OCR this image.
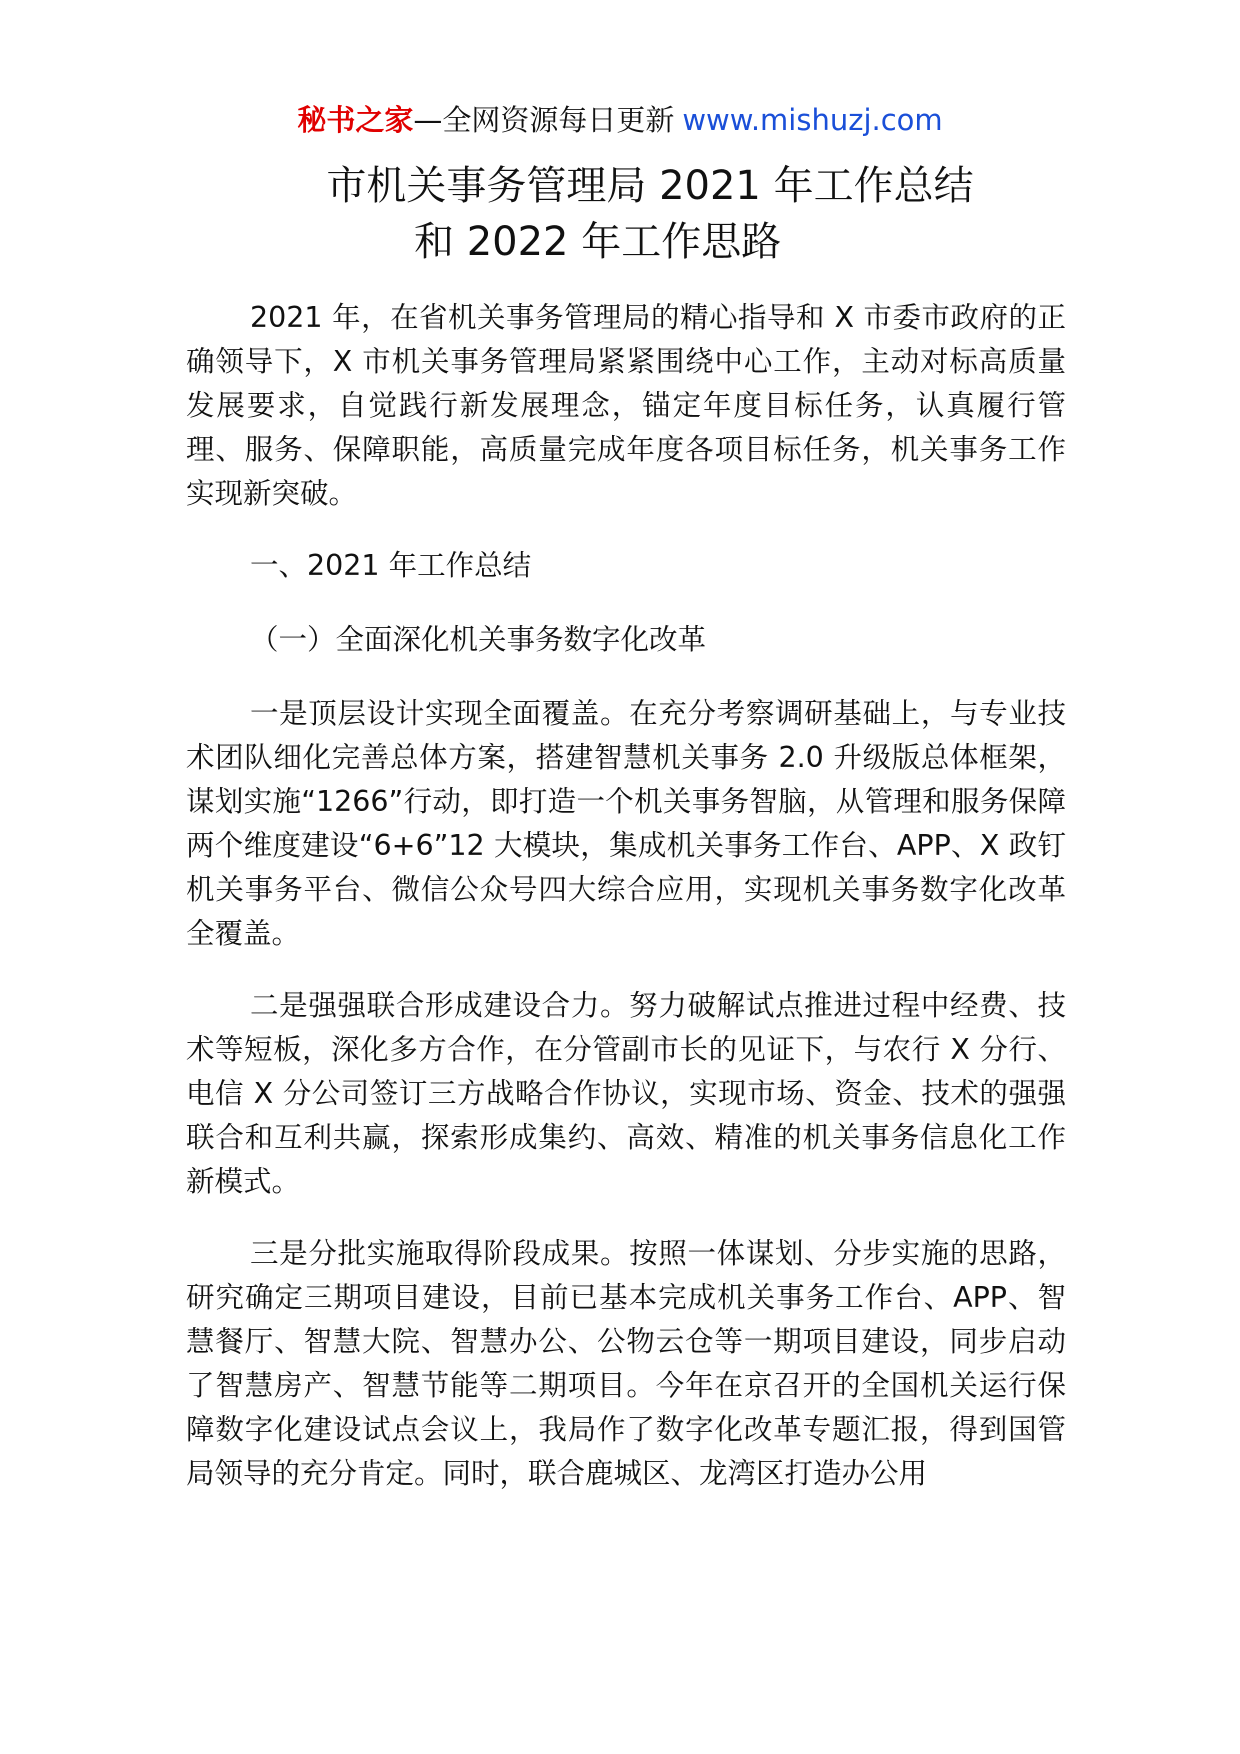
秘书之家—全网资源每日更新 www.mishuzj.com
市机关事务管理局 2021 年工作总结
和 2022 年工作思路

2021 年，在省机关事务管理局的精心指导和 X 市委市政府的正确领导下，X 市机关事务管理局紧紧围绕中心工作，主动对标高质量发展要求，自觉践行新发展理念，锚定年度目标任务，认真履行管理、服务、保障职能，高质量完成年度各项目标任务，机关事务工作实现新突破。

一、2021 年工作总结

（一）全面深化机关事务数字化改革

一是顶层设计实现全面覆盖。在充分考察调研基础上，与专业技术团队细化完善总体方案，搭建智慧机关事务 2.0 升级版总体框架，谋划实施“1266”行动，即打造一个机关事务智脑，从管理和服务保障两个维度建设“6+6”12 大模块，集成机关事务工作台、APP、X 政钉机关事务平台、微信公众号四大综合应用，实现机关事务数字化改革全覆盖。

二是强强联合形成建设合力。努力破解试点推进过程中经费、技术等短板，深化多方合作，在分管副市长的见证下，与农行 X 分行、电信 X 分公司签订三方战略合作协议，实现市场、资金、技术的强强联合和互利共赢，探索形成集约、高效、精准的机关事务信息化工作新模式。

三是分批实施取得阶段成果。按照一体谋划、分步实施的思路，研究确定三期项目建设，目前已基本完成机关事务工作台、APP、智慧餐厅、智慧大院、智慧办公、公物云仓等一期项目建设，同步启动了智慧房产、智慧节能等二期项目。今年在京召开的全国机关运行保障数字化建设试点会议上，我局作了数字化改革专题汇报，得到国管局领导的充分肯定。同时，联合鹿城区、龙湾区打造办公用
